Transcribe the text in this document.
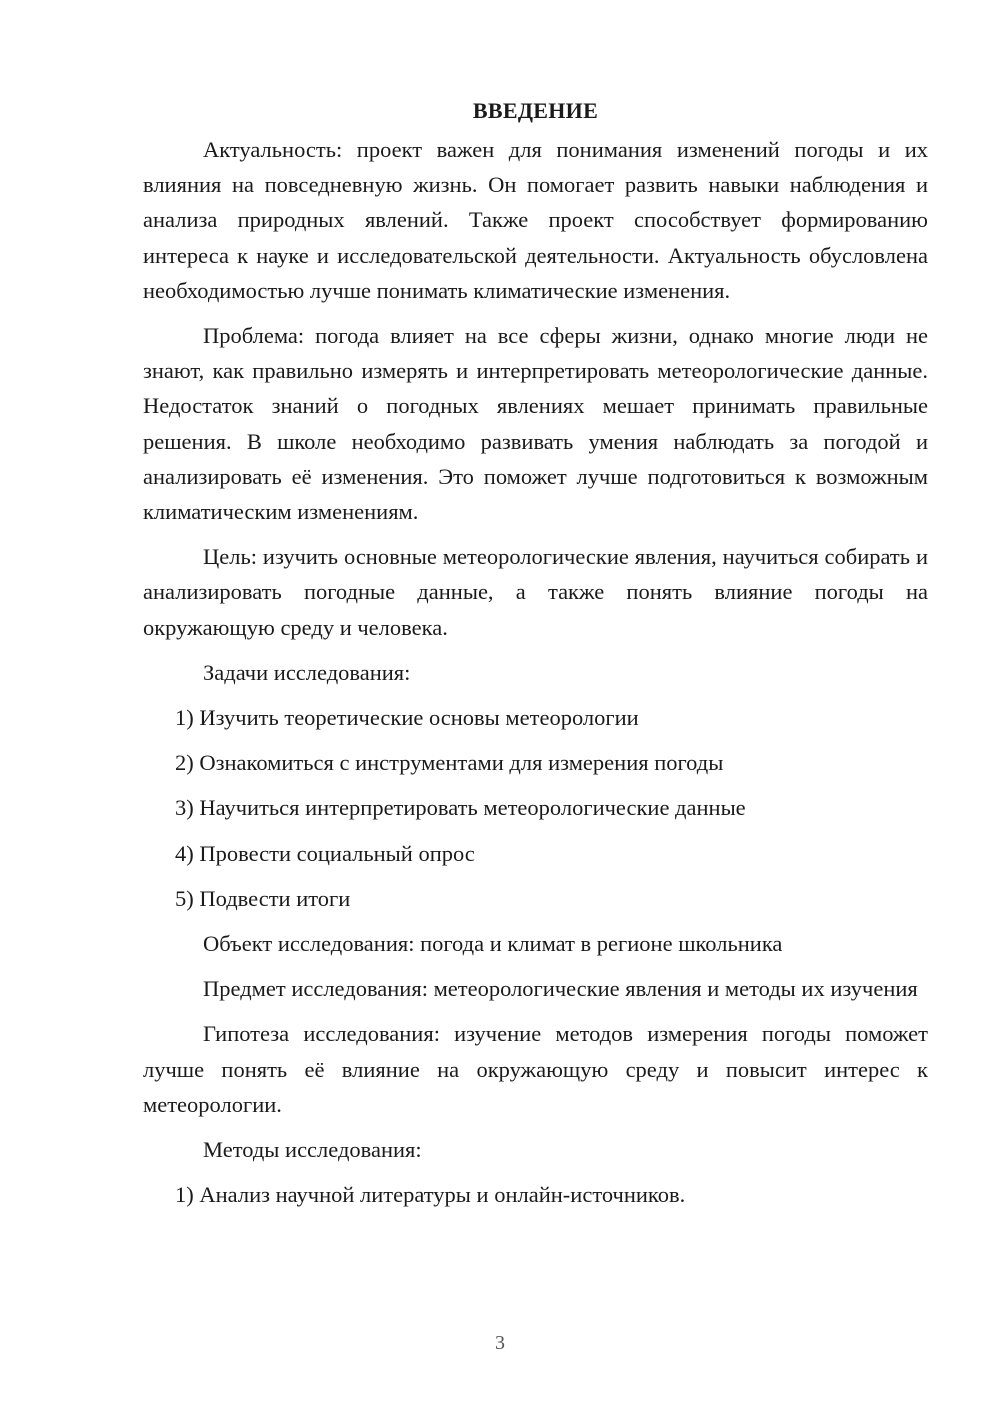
ВВЕДЕНИЕ

Актуальность: проект важен для понимания изменений погоды и их влияния на повседневную жизнь. Он помогает развить навыки наблюдения и анализа природных явлений. Также проект способствует формированию интереса к науке и исследовательской деятельности. Актуальность обусловлена необходимостью лучше понимать климатические изменения.

Проблема: погода влияет на все сферы жизни, однако многие люди не знают, как правильно измерять и интерпретировать метеорологические данные. Недостаток знаний о погодных явлениях мешает принимать правильные решения. В школе необходимо развивать умения наблюдать за погодой и анализировать её изменения. Это поможет лучше подготовиться к возможным климатическим изменениям.

Цель: изучить основные метеорологические явления, научиться собирать и анализировать погодные данные, а также понять влияние погоды на окружающую среду и человека.

Задачи исследования:
1) Изучить теоретические основы метеорологии
2) Ознакомиться с инструментами для измерения погоды
3) Научиться интерпретировать метеорологические данные
4) Провести социальный опрос
5) Подвести итоги
Объект исследования: погода и климат в регионе школьника

Предмет исследования: метеорологические явления и методы их изучения

Гипотеза исследования: изучение методов измерения погоды поможет лучше понять её влияние на окружающую среду и повысит интерес к метеорологии.

Методы исследования:
1) Анализ научной литературы и онлайн-источников.
3
